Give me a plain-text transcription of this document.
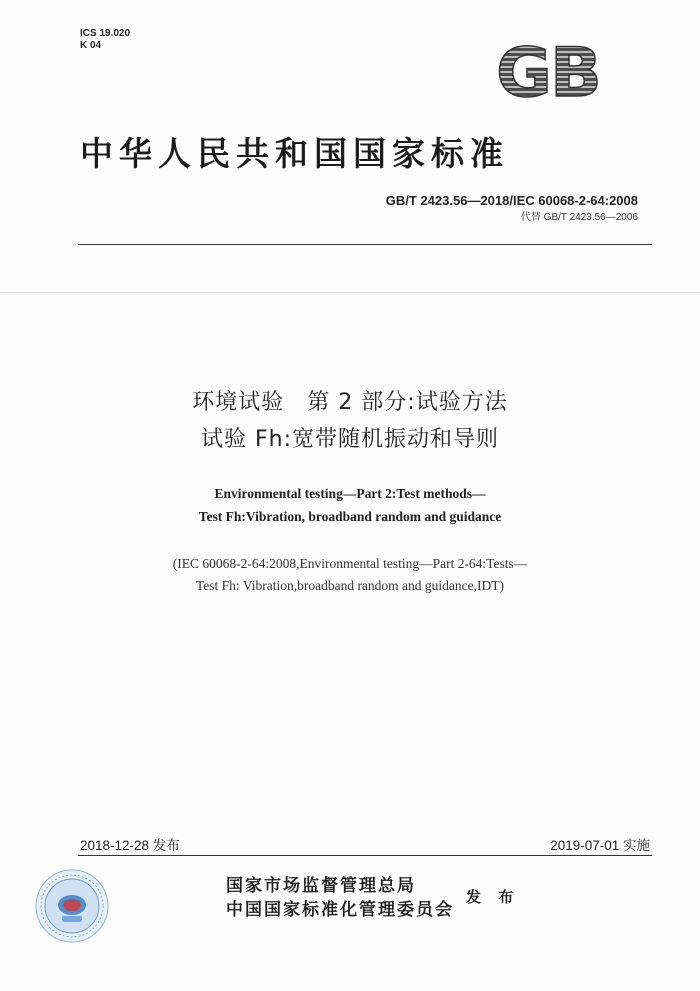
ICS 19.020
K 04	GB
中华人民共和国国家标准
GB/T 2423.56—2018/IEC 60068-2-64:2008
代替 GB/T 2423.56—2006
环境试验　第 2 部分:试验方法
试验 Fh:宽带随机振动和导则
Environmental testing—Part 2:Test methods—
Test Fh:Vibration, broadband random and guidance
(IEC 60068-2-64:2008,Environmental testing—Part 2-64:Tests—
Test Fh: Vibration,broadband random and guidance,IDT)
2018-12-28 发布	2019-07-01 实施
国家市场监督管理总局
中国国家标准化管理委员会
发 布
